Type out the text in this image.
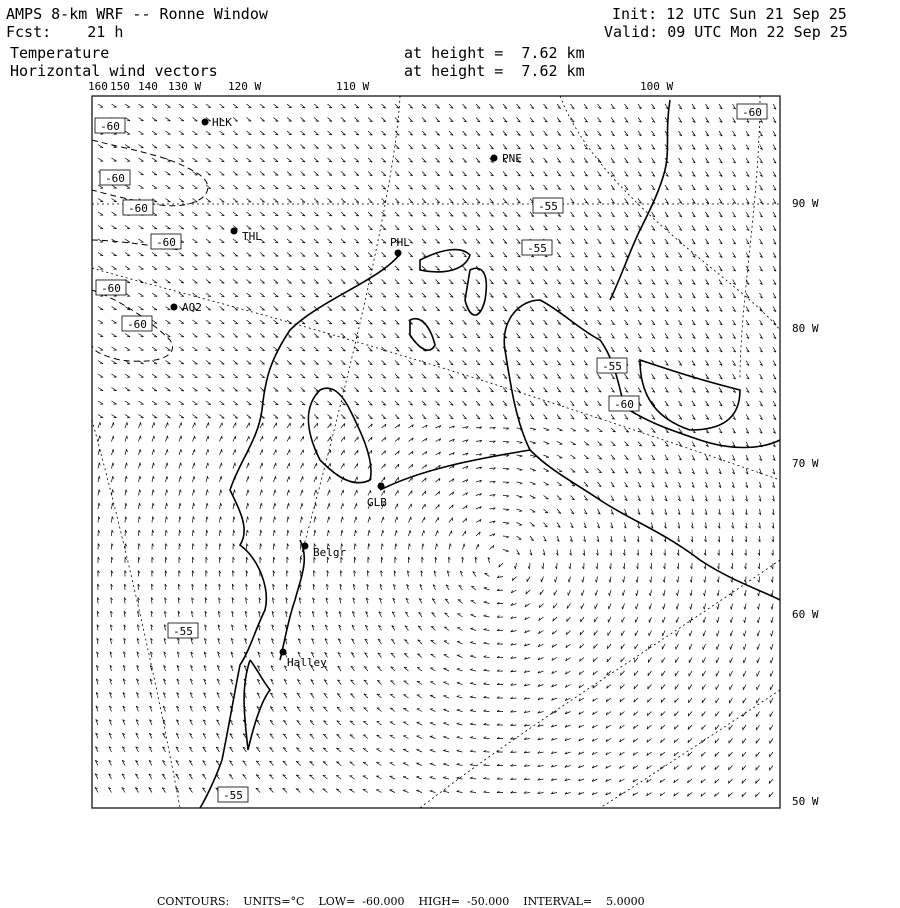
AMPS 8-km WRF -- Ronne Window
Fcst:    21 h
Init: 12 UTC Sun 21 Sep 25
Valid: 09 UTC Mon 22 Sep 25
Temperature
Horizontal wind vectors
at height =  7.62 km
at height =  7.62 km
HLK
PNE
THL	PHL
AQ2
GLB
Belgr
Halley
-60
-60
-60
-60
-60
-60
-60
-55
-55
-55
-55
-60
-55
160 150 140 130 W 120 W	110 W	100 W
90 W
80 W
70 W
60 W
50 W

CONTOURS: UNITS=°C LOW=  -60.000 HIGH=  -50.000 INTERVAL=    5.0000
